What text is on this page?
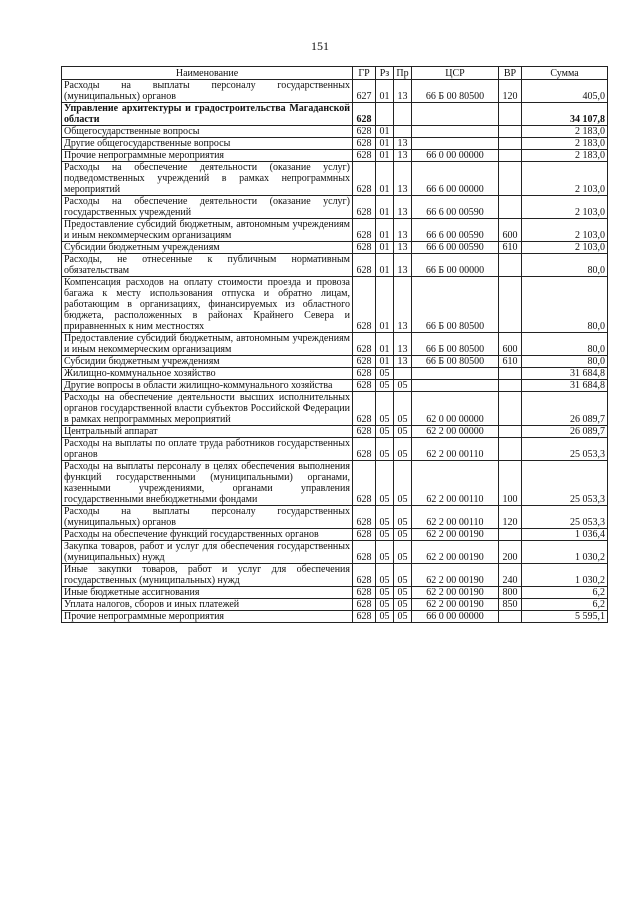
151
Наименование	ГР	Рз	Пр	ЦСР	ВР	Сумма
Расходы на выплаты персоналу государственных (муниципальных) органов	627	01	13	66 Б 00 80500	120	405,0
Управление архитектуры и градостроительства Магаданской области	628					34 107,8
Общегосударственные вопросы	628	01				2 183,0
Другие общегосударственные вопросы	628	01	13			2 183,0
Прочие непрограммные мероприятия	628	01	13	66 0 00 00000		2 183,0
Расходы на обеспечение деятельности (оказание услуг) подведомственных учреждений в рамках непрограммных мероприятий	628	01	13	66 6 00 00000		2 103,0
Расходы на обеспечение деятельности (оказание услуг) государственных учреждений	628	01	13	66 6 00 00590		2 103,0
Предоставление субсидий бюджетным, автономным учреждениям и иным некоммерческим организациям	628	01	13	66 6 00 00590	600	2 103,0
Субсидии бюджетным учреждениям	628	01	13	66 6 00 00590	610	2 103,0
Расходы, не отнесенные к публичным нормативным обязательствам	628	01	13	66 Б 00 00000		80,0
Компенсация расходов на оплату стоимости проезда и провоза багажа к месту использования отпуска и обратно лицам, работающим в организациях, финансируемых из областного бюджета, расположенных в районах Крайнего Севера и приравненных к ним местностях	628	01	13	66 Б 00 80500		80,0
Предоставление субсидий бюджетным, автономным учреждениям и иным некоммерческим организациям	628	01	13	66 Б 00 80500	600	80,0
Субсидии бюджетным учреждениям	628	01	13	66 Б 00 80500	610	80,0
Жилищно-коммунальное хозяйство	628	05				31 684,8
Другие вопросы в области жилищно-коммунального хозяйства	628	05	05			31 684,8
Расходы на обеспечение деятельности высших исполнительных органов государственной власти субъектов Российской Федерации в рамках непрограммных мероприятий	628	05	05	62 0 00 00000		26 089,7
Центральный аппарат	628	05	05	62 2 00 00000		26 089,7
Расходы на выплаты по оплате труда работников государственных органов	628	05	05	62 2 00 00110		25 053,3
Расходы на выплаты персоналу в целях обеспечения выполнения функций государственными (муниципальными) органами, казенными учреждениями, органами управления государственными внебюджетными фондами	628	05	05	62 2 00 00110	100	25 053,3
Расходы на выплаты персоналу государственных (муниципальных) органов	628	05	05	62 2 00 00110	120	25 053,3
Расходы на обеспечение функций государственных органов	628	05	05	62 2 00 00190		1 036,4
Закупка товаров, работ и услуг для обеспечения государственных (муниципальных) нужд	628	05	05	62 2 00 00190	200	1 030,2
Иные закупки товаров, работ и услуг для обеспечения государственных (муниципальных) нужд	628	05	05	62 2 00 00190	240	1 030,2
Иные бюджетные ассигнования	628	05	05	62 2 00 00190	800	6,2
Уплата налогов, сборов и иных платежей	628	05	05	62 2 00 00190	850	6,2
Прочие непрограммные мероприятия	628	05	05	66 0 00 00000		5 595,1
